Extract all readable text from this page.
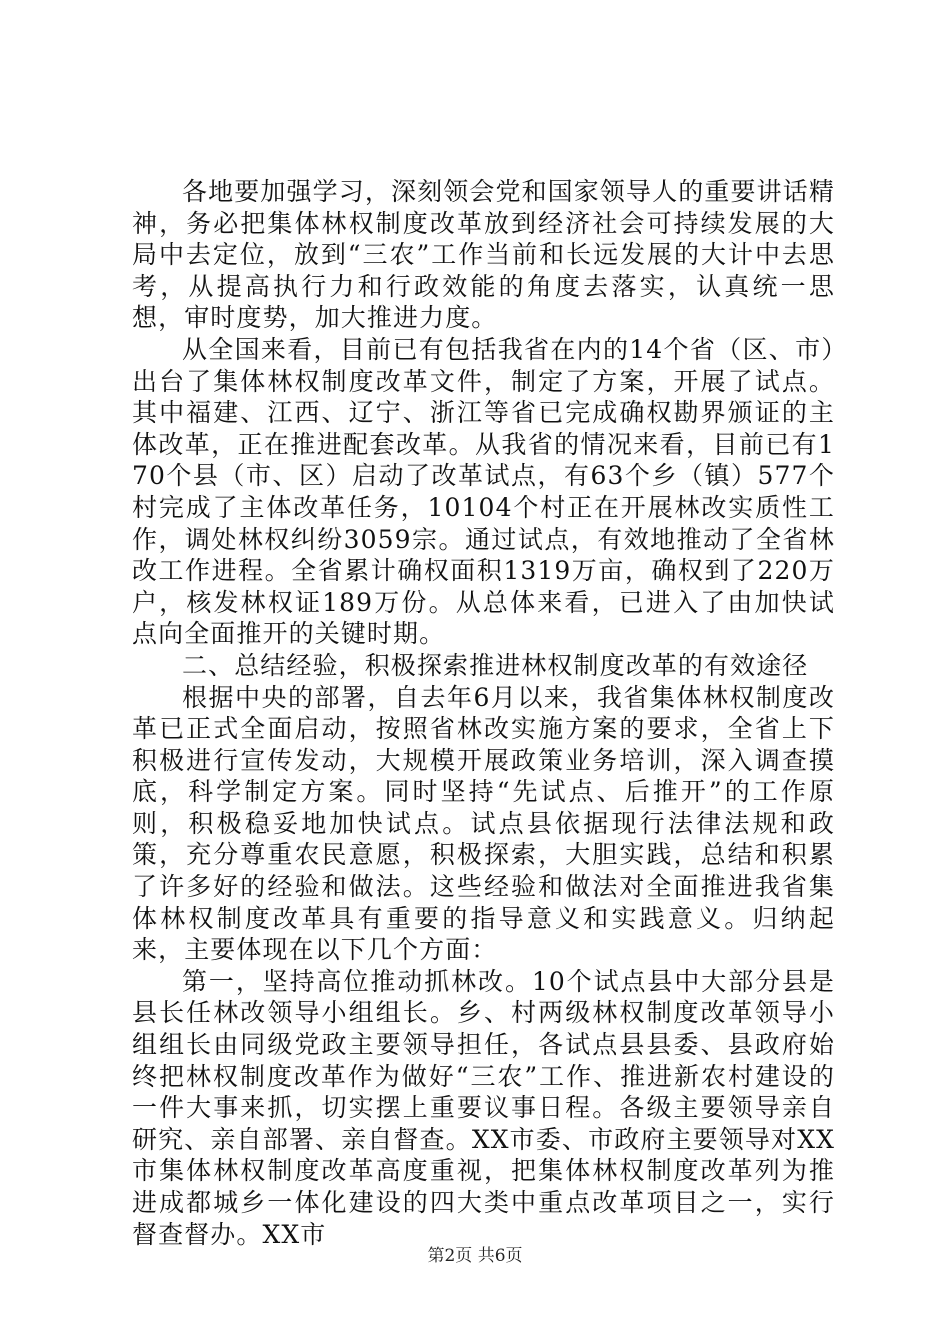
各地要加强学习，深刻领会党和国家领导人的重要讲话精神，务必把集体林权制度改革放到经济社会可持续发展的大局中去定位，放到“三农”工作当前和长远发展的大计中去思考，从提高执行力和行政效能的角度去落实，认真统一思想，审时度势，加大推进力度。

从全国来看，目前已有包括我省在内的14个省（区、市）出台了集体林权制度改革文件，制定了方案，开展了试点。其中福建、江西、辽宁、浙江等省已完成确权勘界颁证的主体改革，正在推进配套改革。从我省的情况来看，目前已有170个县（市、区）启动了改革试点，有63个乡（镇）577个村完成了主体改革任务，10104个村正在开展林改实质性工作，调处林权纠纷3059宗。通过试点，有效地推动了全省林改工作进程。全省累计确权面积1319万亩，确权到了220万户，核发林权证189万份。从总体来看，已进入了由加快试点向全面推开的关键时期。

二、总结经验，积极探索推进林权制度改革的有效途径

根据中央的部署，自去年6月以来，我省集体林权制度改革已正式全面启动，按照省林改实施方案的要求，全省上下积极进行宣传发动，大规模开展政策业务培训，深入调查摸底，科学制定方案。同时坚持“先试点、后推开”的工作原则，积极稳妥地加快试点。试点县依据现行法律法规和政策，充分尊重农民意愿，积极探索，大胆实践，总结和积累了许多好的经验和做法。这些经验和做法对全面推进我省集体林权制度改革具有重要的指导意义和实践意义。归纳起来，主要体现在以下几个方面：

第一，坚持高位推动抓林改。10个试点县中大部分县是县长任林改领导小组组长。乡、村两级林权制度改革领导小组组长由同级党政主要领导担任，各试点县县委、县政府始终把林权制度改革作为做好“三农”工作、推进新农村建设的一件大事来抓，切实摆上重要议事日程。各级主要领导亲自研究、亲自部署、亲自督查。XX市委、市政府主要领导对XX市集体林权制度改革高度重视，把集体林权制度改革列为推进成都城乡一体化建设的四大类中重点改革项目之一，实行督查督办。XX市

第2页 共6页
